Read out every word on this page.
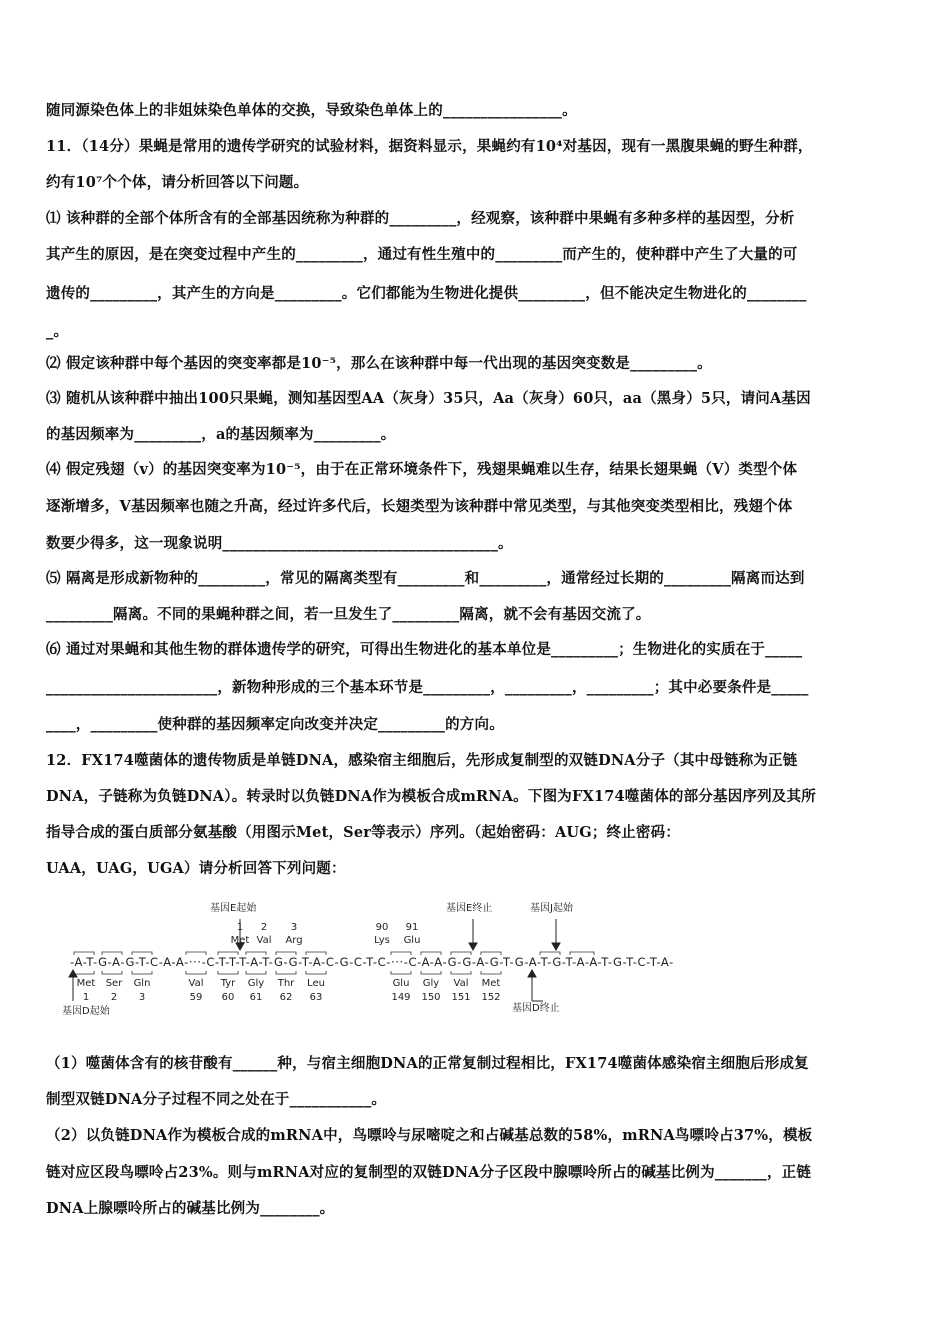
随同源染色体上的非姐妹染色单体的交换，导致染色单体上的________________。
11．（14分）果蝇是常用的遗传学研究的试验材料，据资料显示，果蝇约有10⁴对基因，现有一黑腹果蝇的野生种群，
约有10⁷个个体，请分析回答以下问题。
⑴ 该种群的全部个体所含有的全部基因统称为种群的_________，经观察，该种群中果蝇有多种多样的基因型，分析
其产生的原因，是在突变过程中产生的_________，通过有性生殖中的_________而产生的，使种群中产生了大量的可
遗传的_________，其产生的方向是_________。它们都能为生物进化提供_________，但不能决定生物进化的________
_。
⑵ 假定该种群中每个基因的突变率都是10⁻⁵，那么在该种群中每一代出现的基因突变数是_________。
⑶ 随机从该种群中抽出100只果蝇，测知基因型AA（灰身）35只，Aa（灰身）60只，aa（黑身）5只，请问A基因
的基因频率为_________，a的基因频率为_________。
⑷ 假定残翅（v）的基因突变率为10⁻⁵，由于在正常环境条件下，残翅果蝇难以生存，结果长翅果蝇（V）类型个体
逐渐增多，V基因频率也随之升高，经过许多代后，长翅类型为该种群中常见类型，与其他突变类型相比，残翅个体
数要少得多，这一现象说明_____________________________________。
⑸ 隔离是形成新物种的_________，常见的隔离类型有_________和_________，通常经过长期的_________隔离而达到
_________隔离。不同的果蝇种群之间，若一旦发生了_________隔离，就不会有基因交流了。
⑹ 通过对果蝇和其他生物的群体遗传学的研究，可得出生物进化的基本单位是_________；生物进化的实质在于_____
_______________________，新物种形成的三个基本环节是_________，_________，_________；其中必要条件是_____
____，_________使种群的基因频率定向改变并决定_________的方向。
12．FX174噬菌体的遗传物质是单链DNA，感染宿主细胞后，先形成复制型的双链DNA分子（其中母链称为正链
DNA，子链称为负链DNA）。转录时以负链DNA作为模板合成mRNA。下图为FX174噬菌体的部分基因序列及其所
指导合成的蛋白质部分氨基酸（用图示Met，Ser等表示）序列。（起始密码：AUG；终止密码：
UAA，UAG，UGA）请分析回答下列问题：
基因E起始	基因E终止	基因J起始
基因D起始	基因D终止
1
Met
2
Val
3
Arg
90
Lys
91
Glu
-A-T-G-A-G-T-C-A-A-···-C-T-T-T-A-T-G-G-T-A-C-G-C-T-C-···-C-A-A-G-G-A-G-T-G-A-T-G-T-A-A-T-G-T-C-T-A-
Met
1
Ser
2
Gln
3
Val
59
Tyr
60
Gly
61
Thr
62
Leu
63
Glu
149
Gly
150
Val
151
Met
152
（1）噬菌体含有的核苷酸有______种，与宿主细胞DNA的正常复制过程相比，FX174噬菌体感染宿主细胞后形成复
制型双链DNA分子过程不同之处在于___________。
（2）以负链DNA作为模板合成的mRNA中，鸟嘌呤与尿嘧啶之和占碱基总数的58%，mRNA鸟嘌呤占37%，模板
链对应区段鸟嘌呤占23%。则与mRNA对应的复制型的双链DNA分子区段中腺嘌呤所占的碱基比例为_______，正链
DNA上腺嘌呤所占的碱基比例为________。
